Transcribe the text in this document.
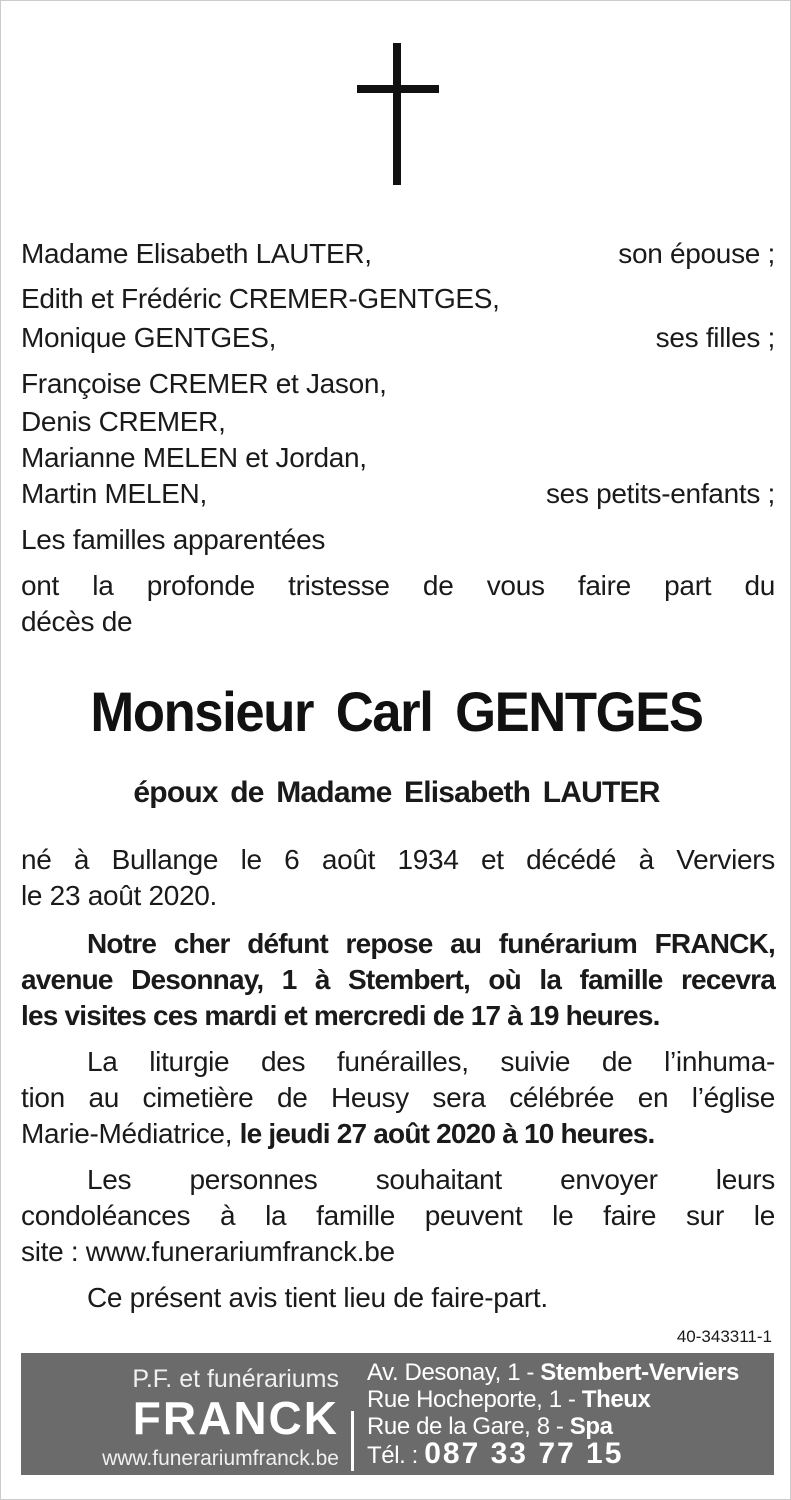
Madame Elisabeth LAUTER,	son épouse ;
Edith et Frédéric CREMER-GENTGES,
Monique GENTGES,	ses filles ;
Françoise CREMER et Jason,
Denis CREMER,
Marianne MELEN et Jordan,
Martin MELEN,	ses petits-enfants ;
Les familles apparentées
ont la profonde tristesse de vous faire part du
décès de
Monsieur Carl GENTGES
époux de Madame Elisabeth LAUTER
né à Bullange le 6 août 1934 et décédé à Verviers
le 23 août 2020.
Notre cher défunt repose au funérarium FRANCK,
avenue Desonnay, 1 à Stembert, où la famille recevra
les visites ces mardi et mercredi de 17 à 19 heures.
La liturgie des funérailles, suivie de l’inhuma-
tion au cimetière de Heusy sera célébrée en l’église
Marie-Médiatrice, le jeudi 27 août 2020 à 10 heures.
Les personnes souhaitant envoyer leurs
condoléances à la famille peuvent le faire sur le
site : www.funerariumfranck.be
Ce présent avis tient lieu de faire-part.
40-343311-1
P.F. et funérariums
FRANCK
www.funerariumfranck.be
Av. Desonay, 1 - Stembert-Verviers
Rue Hocheporte, 1 - Theux
Rue de la Gare, 8 - Spa
Tél. : 087 33 77 15
